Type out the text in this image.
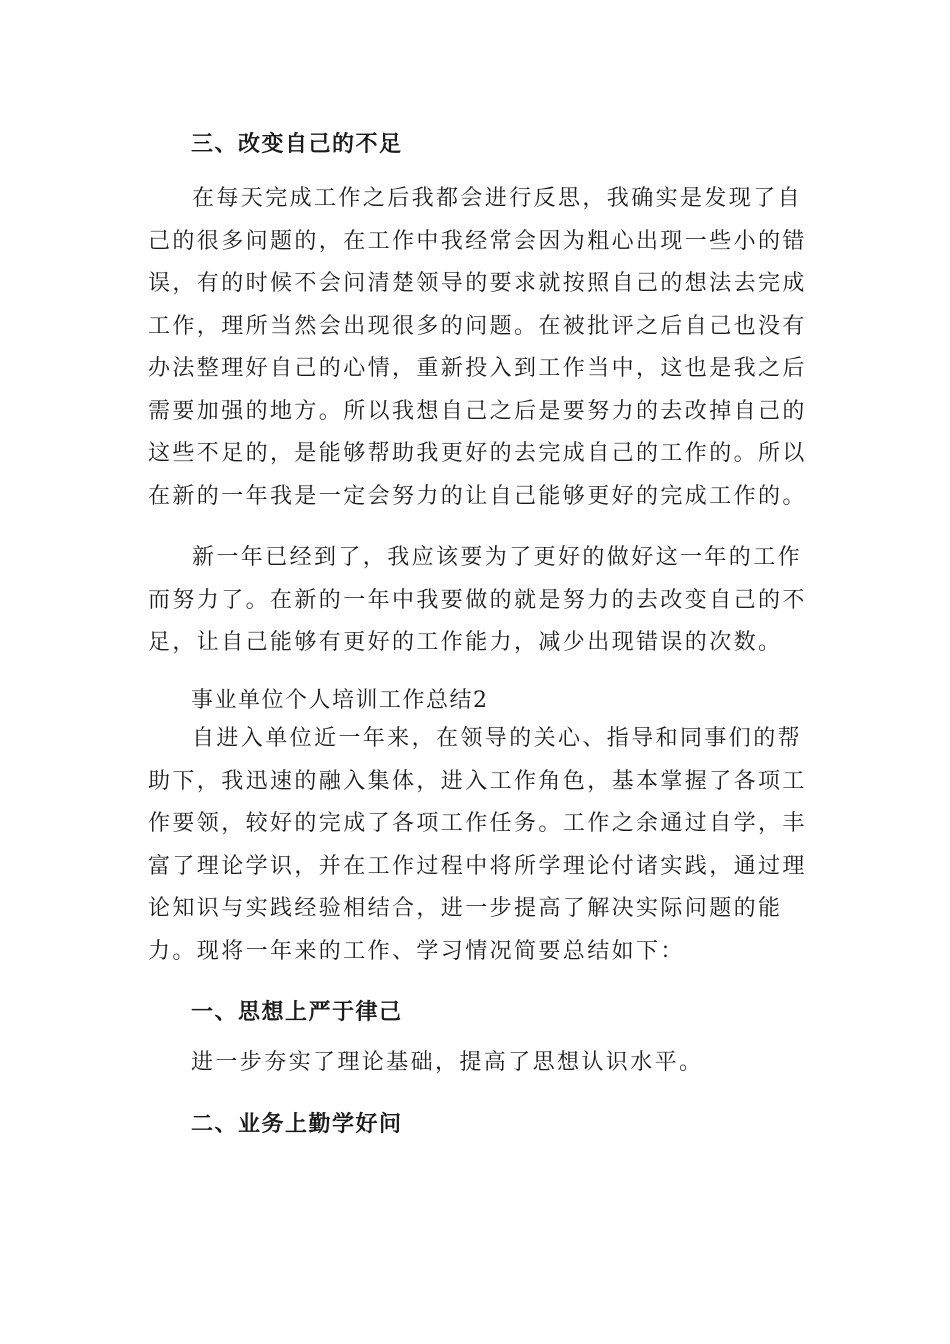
三、改变自己的不足

在每天完成工作之后我都会进行反思，我确实是发现了自己的很多问题的，在工作中我经常会因为粗心出现一些小的错误，有的时候不会问清楚领导的要求就按照自己的想法去完成工作，理所当然会出现很多的问题。在被批评之后自己也没有办法整理好自己的心情，重新投入到工作当中，这也是我之后需要加强的地方。所以我想自己之后是要努力的去改掉自己的这些不足的，是能够帮助我更好的去完成自己的工作的。所以在新的一年我是一定会努力的让自己能够更好的完成工作的。

新一年已经到了，我应该要为了更好的做好这一年的工作而努力了。在新的一年中我要做的就是努力的去改变自己的不足，让自己能够有更好的工作能力，减少出现错误的次数。

事业单位个人培训工作总结2

自进入单位近一年来，在领导的关心、指导和同事们的帮助下，我迅速的融入集体，进入工作角色，基本掌握了各项工作要领，较好的完成了各项工作任务。工作之余通过自学，丰富了理论学识，并在工作过程中将所学理论付诸实践，通过理论知识与实践经验相结合，进一步提高了解决实际问题的能力。现将一年来的工作、学习情况简要总结如下：

一、思想上严于律己
进一步夯实了理论基础，提高了思想认识水平。
二、业务上勤学好问
